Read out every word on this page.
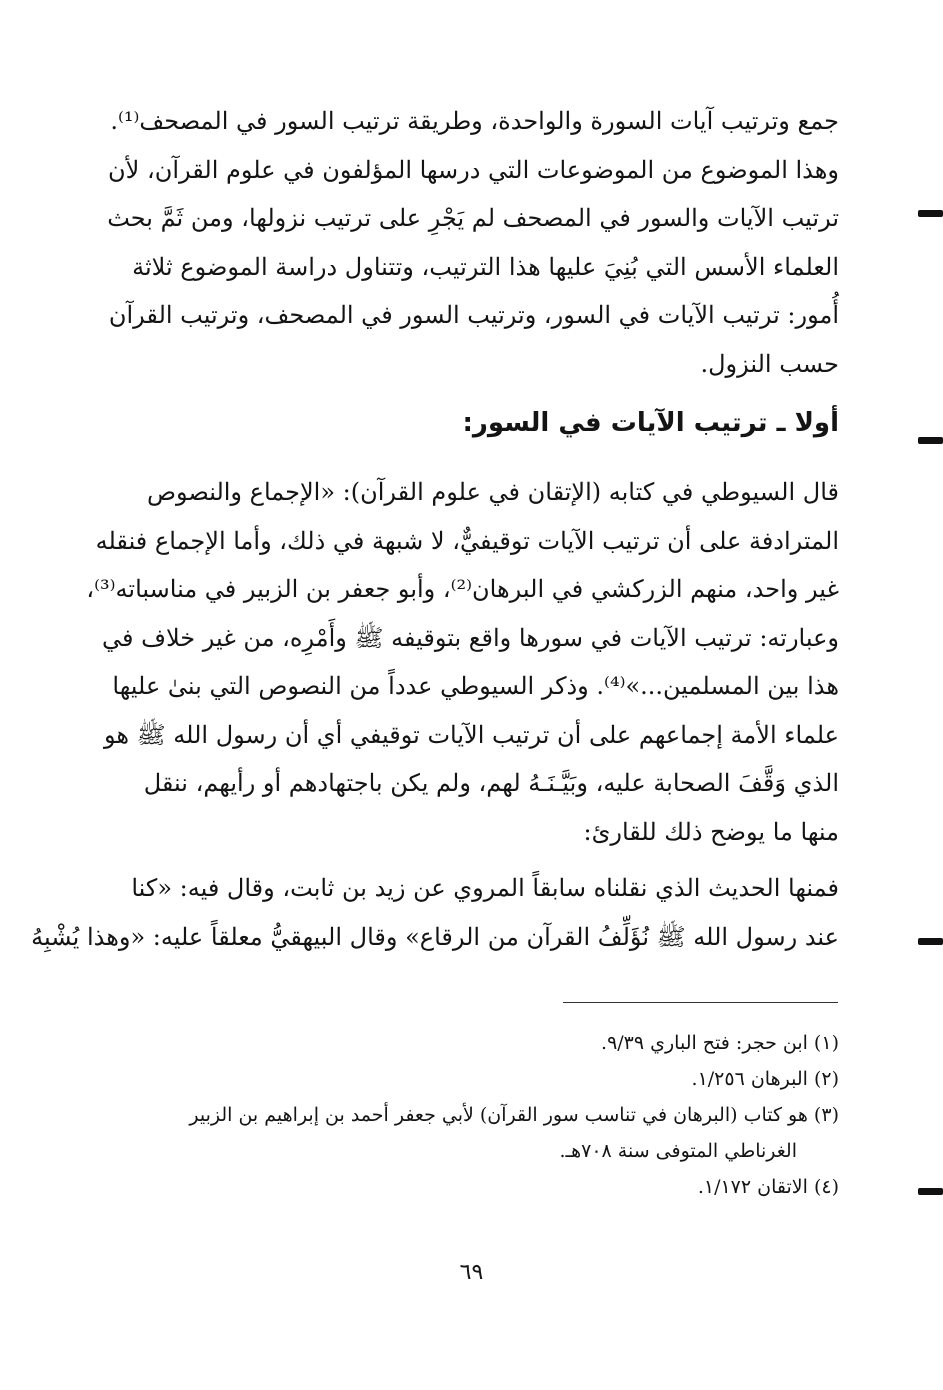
جمع وترتيب آيات السورة والواحدة، وطريقة ترتيب السور في المصحف⁽¹⁾.
وهذا الموضوع من الموضوعات التي درسها المؤلفون في علوم القرآن، لأن
ترتيب الآيات والسور في المصحف لم يَجْرِ على ترتيب نزولها، ومن ثَمَّ بحث
العلماء الأسس التي بُنِيَ عليها هذا الترتيب، وتتناول دراسة الموضوع ثلاثة
أُمور: ترتيب الآيات في السور، وترتيب السور في المصحف، وترتيب القرآن
حسب النزول.
أولا ـ ترتيب الآيات في السور:
قال السيوطي في كتابه (الإتقان في علوم القرآن): «الإجماع والنصوص
المترادفة على أن ترتيب الآيات توقيفيٌّ، لا شبهة في ذلك، وأما الإجماع فنقله
غير واحد، منهم الزركشي في البرهان⁽²⁾، وأبو جعفر بن الزبير في مناسباته⁽³⁾،
وعبارته: ترتيب الآيات في سورها واقع بتوقيفه ﷺ وأَمْرِه، من غير خلاف في
هذا بين المسلمين...»⁽⁴⁾. وذكر السيوطي عدداً من النصوص التي بنىٰ عليها
علماء الأمة إجماعهم على أن ترتيب الآيات توقيفي أي أن رسول الله ﷺ هو
الذي وَقَّفَ الصحابة عليه، وبَيَّـنَـهُ لهم، ولم يكن باجتهادهم أو رأيهم، ننقل
منها ما يوضح ذلك للقارئ:
فمنها الحديث الذي نقلناه سابقاً المروي عن زيد بن ثابت، وقال فيه: «كنا
عند رسول الله ﷺ نُؤَلِّفُ القرآن من الرقاع» وقال البيهقيُّ معلقاً عليه: «وهذا يُشْبِهُ
(١) ابن حجر: فتح الباري ٩/٣٩.
(٢) البرهان ١/٢٥٦.
(٣) هو كتاب (البرهان في تناسب سور القرآن) لأبي جعفر أحمد بن إبراهيم بن الزبير
الغرناطي المتوفى سنة ٧٠٨هـ.
(٤) الاتقان ١/١٧٢.
٦٩
